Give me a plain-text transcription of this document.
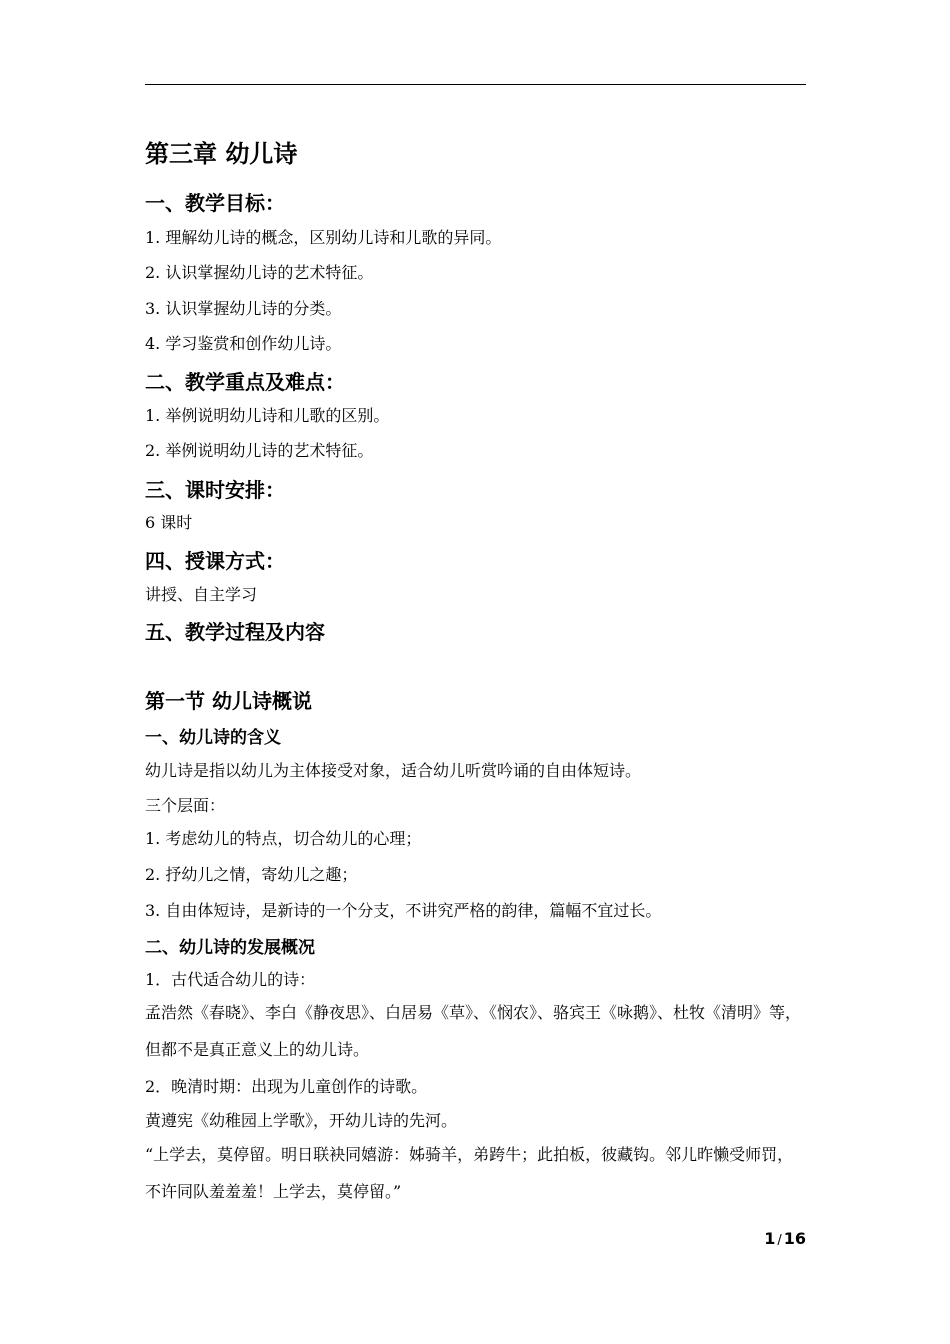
第三章 幼儿诗
一、教学目标：
1. 理解幼儿诗的概念，区别幼儿诗和儿歌的异同。
2. 认识掌握幼儿诗的艺术特征。
3. 认识掌握幼儿诗的分类。
4. 学习鉴赏和创作幼儿诗。
二、教学重点及难点：
1. 举例说明幼儿诗和儿歌的区别。
2. 举例说明幼儿诗的艺术特征。
三、课时安排：
6 课时
四、授课方式：
讲授、自主学习
五、教学过程及内容
第一节 幼儿诗概说
一、幼儿诗的含义
幼儿诗是指以幼儿为主体接受对象，适合幼儿听赏吟诵的自由体短诗。
三个层面：
1. 考虑幼儿的特点，切合幼儿的心理；
2. 抒幼儿之情，寄幼儿之趣；
3. 自由体短诗，是新诗的一个分支，不讲究严格的韵律，篇幅不宜过长。
二、幼儿诗的发展概况
1．古代适合幼儿的诗：
孟浩然《春晓》、李白《静夜思》、白居易《草》、《悯农》、骆宾王《咏鹅》、杜牧《清明》等，但都不是真正意义上的幼儿诗。
2．晚清时期：出现为儿童创作的诗歌。
黄遵宪《幼稚园上学歌》，开幼儿诗的先河。
“上学去，莫停留。明日联袂同嬉游：姊骑羊，弟跨牛；此拍板，彼藏钩。邻儿昨懒受师罚，不许同队羞羞羞！上学去，莫停留。”
1 / 16
